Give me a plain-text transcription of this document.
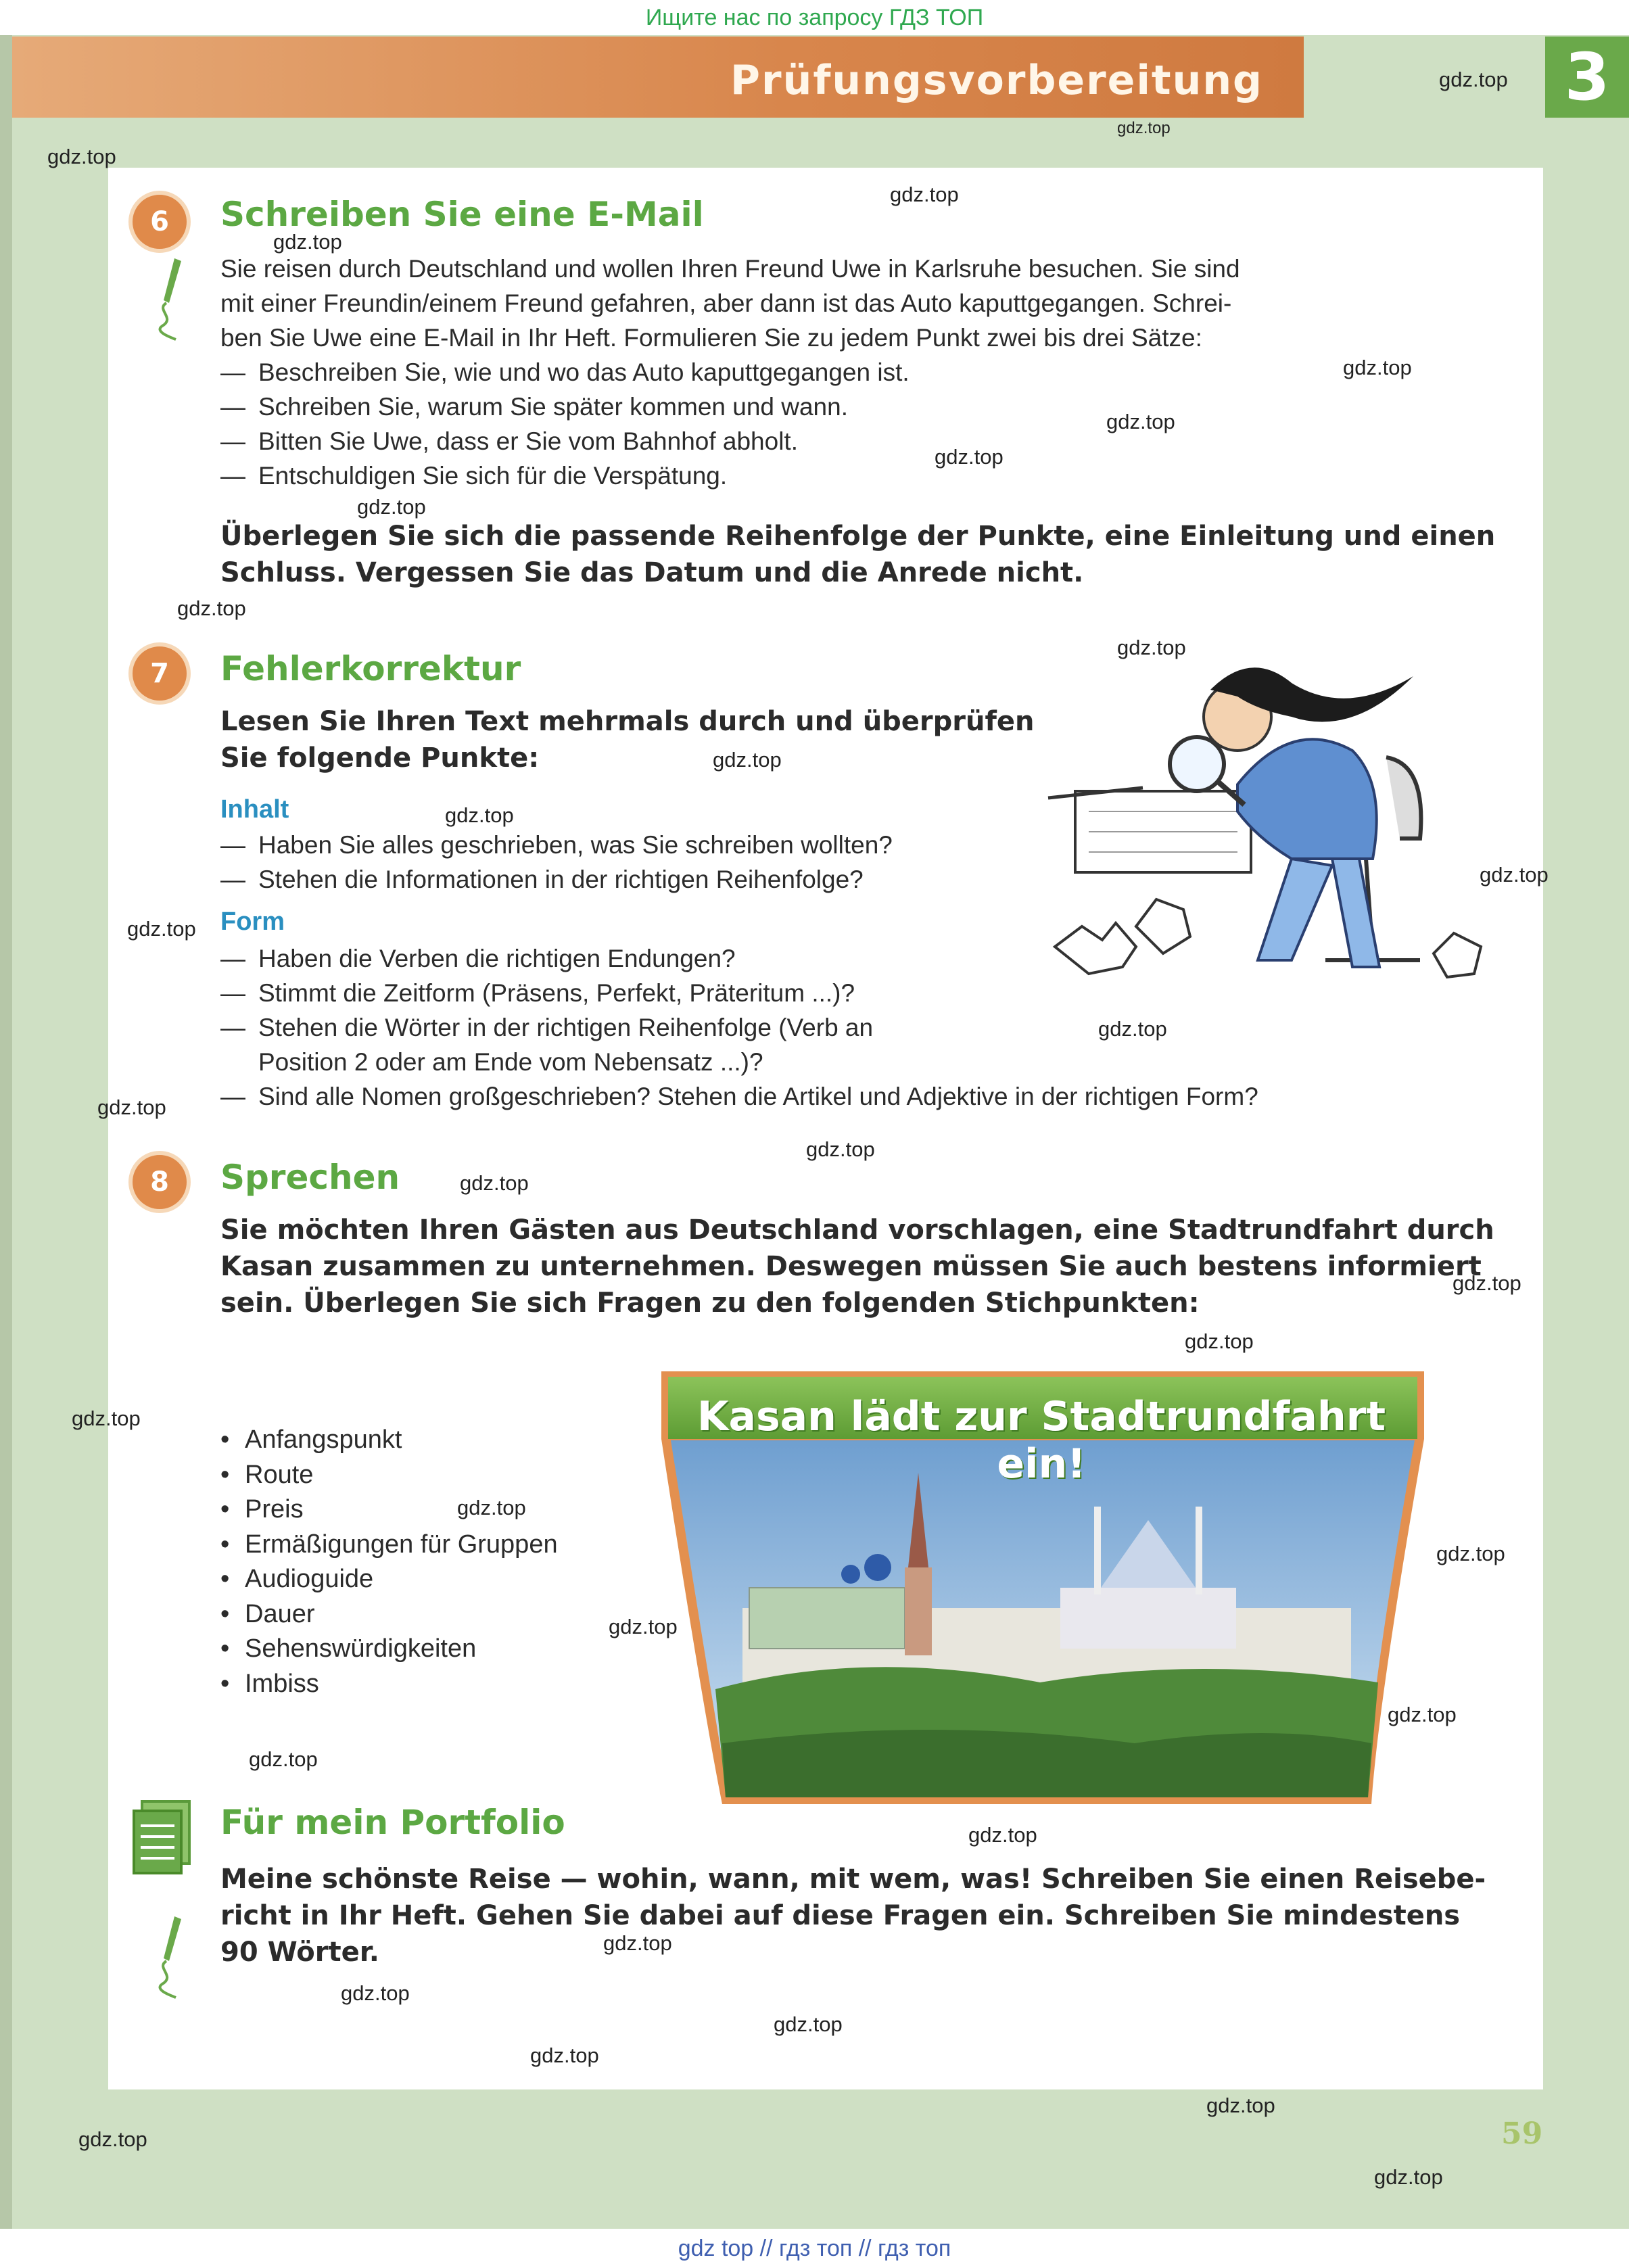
Ищите нас по запросу ГДЗ ТОП
Prüfungsvorbereitung	3
6	Schreiben Sie eine E-Mail
Sie reisen durch Deutschland und wollen Ihren Freund Uwe in Karlsruhe besuchen. Sie sind
mit einer Freundin/einem Freund gefahren, aber dann ist das Auto kaputtgegangen. Schrei-
ben Sie Uwe eine E-Mail in Ihr Heft. Formulieren Sie zu jedem Punkt zwei bis drei Sätze:
— Beschreiben Sie, wie und wo das Auto kaputtgegangen ist.
— Schreiben Sie, warum Sie später kommen und wann.
— Bitten Sie Uwe, dass er Sie vom Bahnhof abholt.
— Entschuldigen Sie sich für die Verspätung.
Überlegen Sie sich die passende Reihenfolge der Punkte, eine Einleitung und einen
Schluss. Vergessen Sie das Datum und die Anrede nicht.
7	Fehlerkorrektur
Lesen Sie Ihren Text mehrmals durch und überprüfen
Sie folgende Punkte:
Inhalt
— Haben Sie alles geschrieben, was Sie schreiben wollten?
— Stehen die Informationen in der richtigen Reihenfolge?
Form
— Haben die Verben die richtigen Endungen?
— Stimmt die Zeitform (Präsens, Perfekt, Präteritum ...)?
— Stehen die Wörter in der richtigen Reihenfolge (Verb an
Position 2 oder am Ende vom Nebensatz ...)?
— Sind alle Nomen großgeschrieben? Stehen die Artikel und Adjektive in der richtigen Form?
8	Sprechen
Sie möchten Ihren Gästen aus Deutschland vorschlagen, eine Stadtrundfahrt durch
Kasan zusammen zu unternehmen. Deswegen müssen Sie auch bestens informiert
sein. Überlegen Sie sich Fragen zu den folgenden Stichpunkten:
• Anfangspunkt
• Route
• Preis
• Ermäßigungen für Gruppen
• Audioguide
• Dauer
• Sehenswürdigkeiten
• Imbiss
Kasan lädt zur Stadtrundfahrt ein!
Für mein Portfolio
Meine schönste Reise — wohin, wann, mit wem, was! Schreiben Sie einen Reisebe-
richt in Ihr Heft. Gehen Sie dabei auf diese Fragen ein. Schreiben Sie mindestens
90 Wörter.
59
gdz.top
gdz.top
gdz.top
gdz.top
gdz.top
gdz.top
gdz.top
gdz.top
gdz.top
gdz.top
gdz.top
gdz.top
gdz.top
gdz.top
gdz.top
gdz.top
gdz.top
gdz.top
gdz.top
gdz.top
gdz.top
gdz.top
gdz.top
gdz.top
gdz.top
gdz.top
gdz.top
gdz.top
gdz.top
gdz.top
gdz.top
gdz.top
gdz.top
gdz.top
gdz.top
gdz top // гдз топ // гдз топ
